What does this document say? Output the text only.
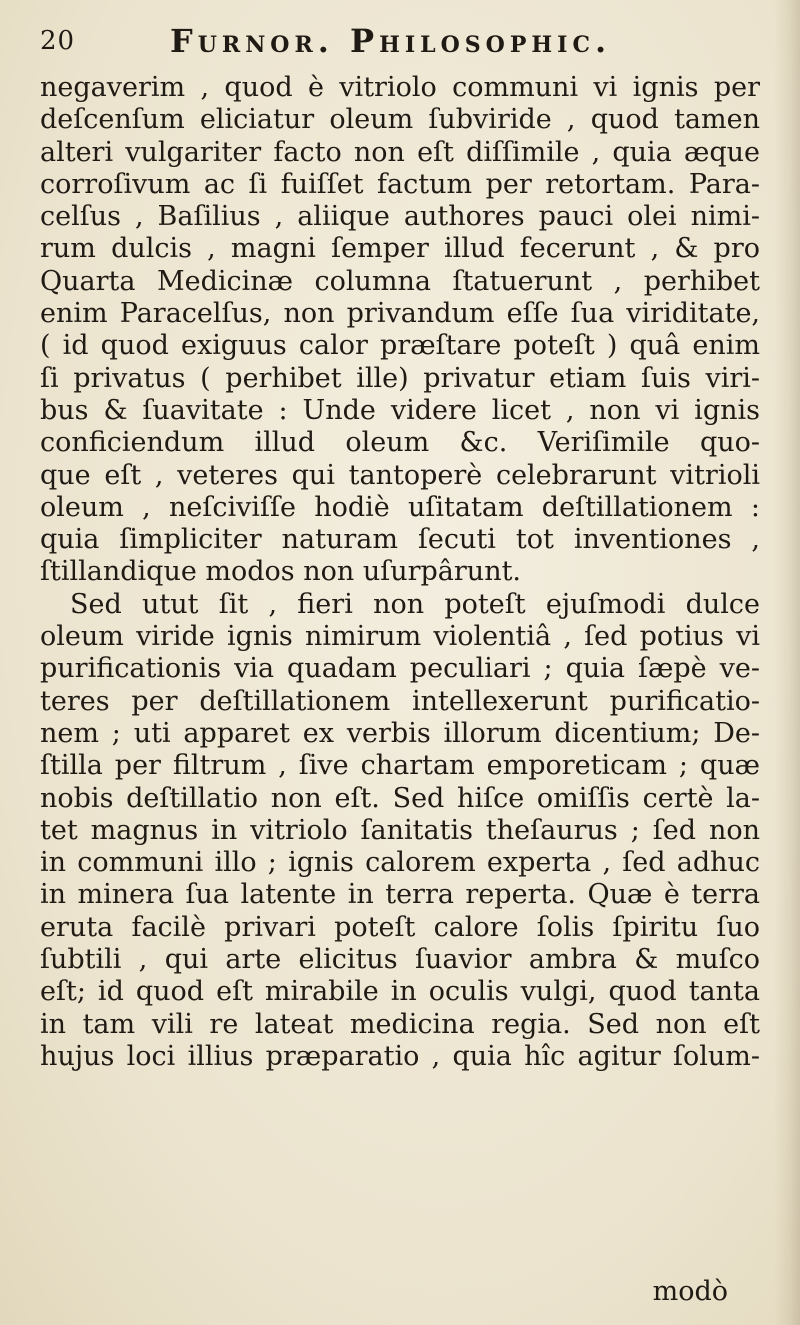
20	Furnor. Philosophic.
negaverim , quod è vitriolo communi vi ignis per
deſcenſum eliciatur oleum ſubviride , quod tamen
alteri vulgariter facto non eſt diſſimile , quia æque
corroſivum ac ſi fuiſſet factum per retortam. Para-
celſus , Baſilius , aliique authores pauci olei nimi-
rum dulcis , magni ſemper illud fecerunt , & pro
Quarta Medicinæ columna ſtatuerunt , perhibet
enim Paracelſus, non privandum eſſe ſua viriditate,
( id quod exiguus calor præſtare poteſt ) quâ enim
ſi privatus ( perhibet ille) privatur etiam ſuis viri-
bus & ſuavitate : Unde videre licet , non vi ignis
conficiendum illud oleum &c. Veriſimile quo-
que eſt , veteres qui tantoperè celebrarunt vitrioli
oleum , neſciviſſe hodiè uſitatam deſtillationem :
quia ſimpliciter naturam ſecuti tot inventiones ,
ſtillandique modos non uſurpârunt.
Sed utut ſit , fieri non poteſt ejuſmodi dulce
oleum viride ignis nimirum violentiâ , ſed potius vi
purificationis via quadam peculiari ; quia ſæpè ve-
teres per deſtillationem intellexerunt purificatio-
nem ; uti apparet ex verbis illorum dicentium; De-
ſtilla per filtrum , ſive chartam emporeticam ; quæ
nobis deſtillatio non eſt. Sed hiſce omiſſis certè la-
tet magnus in vitriolo ſanitatis theſaurus ; ſed non
in communi illo ; ignis calorem experta , ſed adhuc
in minera ſua latente in terra reperta. Quæ è terra
eruta facilè privari poteſt calore ſolis ſpiritu ſuo
ſubtili , qui arte elicitus ſuavior ambra & muſco
eſt; id quod eſt mirabile in oculis vulgi, quod tanta
in tam vili re lateat medicina regia. Sed non eſt
hujus loci illius præparatio , quia hîc agitur ſolum-
modò
